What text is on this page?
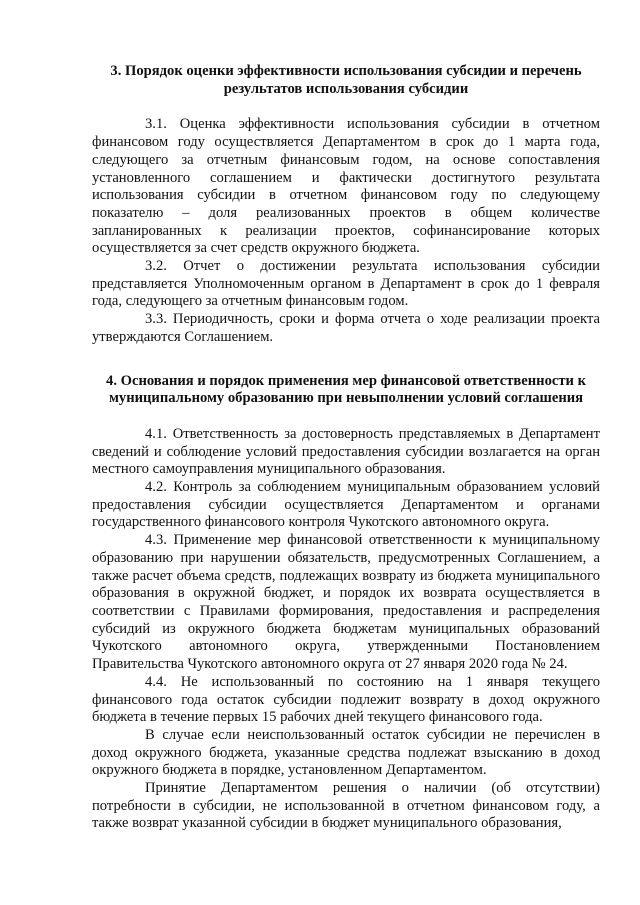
3. Порядок оценки эффективности использования субсидии и перечень результатов использования субсидии

3.1. Оценка эффективности использования субсидии в отчетном финансовом году осуществляется Департаментом в срок до 1 марта года, следующего за отчетным финансовым годом, на основе сопоставления установленного соглашением и фактически достигнутого результата использования субсидии в отчетном финансовом году по следующему показателю – доля реализованных проектов в общем количестве запланированных к реализации проектов, софинансирование которых осуществляется за счет средств окружного бюджета.

3.2. Отчет о достижении результата использования субсидии представляется Уполномоченным органом в Департамент в срок до 1 февраля года, следующего за отчетным финансовым годом.

3.3. Периодичность, сроки и форма отчета о ходе реализации проекта утверждаются Соглашением.

4. Основания и порядок применения мер финансовой ответственности к муниципальному образованию при невыполнении условий соглашения

4.1. Ответственность за достоверность представляемых в Департамент сведений и соблюдение условий предоставления субсидии возлагается на орган местного самоуправления муниципального образования.

4.2. Контроль за соблюдением муниципальным образованием условий предоставления субсидии осуществляется Департаментом и органами государственного финансового контроля Чукотского автономного округа.

4.3. Применение мер финансовой ответственности к муниципальному образованию при нарушении обязательств, предусмотренных Соглашением, а также расчет объема средств, подлежащих возврату из бюджета муниципального образования в окружной бюджет, и порядок их возврата осуществляется в соответствии с Правилами формирования, предоставления и распределения субсидий из окружного бюджета бюджетам муниципальных образований Чукотского автономного округа, утвержденными Постановлением Правительства Чукотского автономного округа от 27 января 2020 года № 24.

4.4. Не использованный по состоянию на 1 января текущего финансового года остаток субсидии подлежит возврату в доход окружного бюджета в течение первых 15 рабочих дней текущего финансового года.

В случае если неиспользованный остаток субсидии не перечислен в доход окружного бюджета, указанные средства подлежат взысканию в доход окружного бюджета в порядке, установленном Департаментом.

Принятие Департаментом решения о наличии (об отсутствии) потребности в субсидии, не использованной в отчетном финансовом году, а также возврат указанной субсидии в бюджет муниципального образования,
